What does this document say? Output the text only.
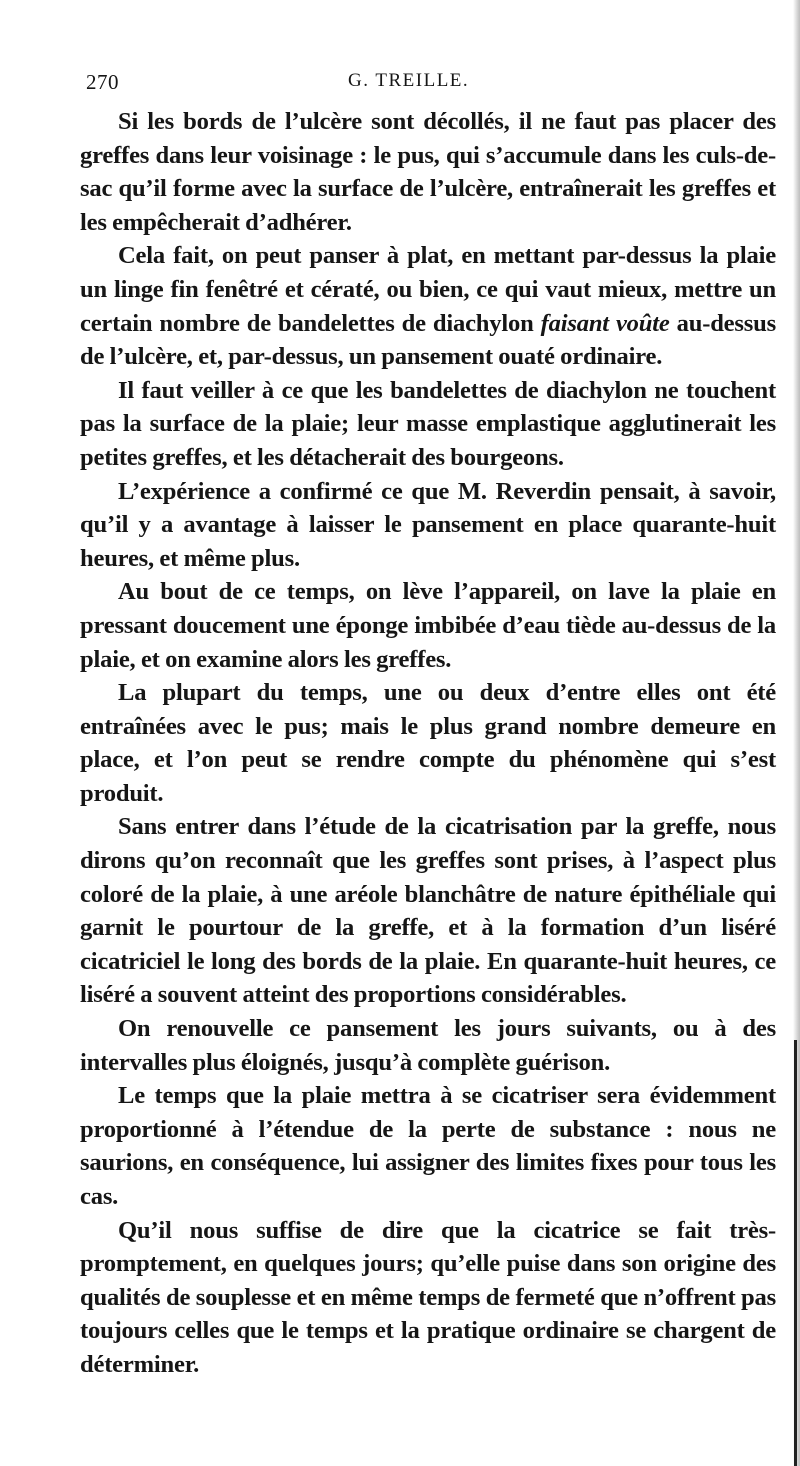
270	G. TREILLE.

Si les bords de l’ulcère sont décollés, il ne faut pas placer des greffes dans leur voisinage : le pus, qui s’accumule dans les culs-de-sac qu’il forme avec la surface de l’ulcère, entraînerait les greffes et les empêcherait d’adhérer.

Cela fait, on peut panser à plat, en mettant par-dessus la plaie un linge fin fenêtré et cératé, ou bien, ce qui vaut mieux, mettre un certain nombre de bandelettes de diachylon faisant voûte au-dessus de l’ulcère, et, par-dessus, un pansement ouaté ordinaire.

Il faut veiller à ce que les bandelettes de diachylon ne touchent pas la surface de la plaie; leur masse emplastique agglutinerait les petites greffes, et les détacherait des bourgeons.

L’expérience a confirmé ce que M. Reverdin pensait, à savoir, qu’il y a avantage à laisser le pansement en place quarante-huit heures, et même plus.

Au bout de ce temps, on lève l’appareil, on lave la plaie en pressant doucement une éponge imbibée d’eau tiède au-dessus de la plaie, et on examine alors les greffes.

La plupart du temps, une ou deux d’entre elles ont été entraînées avec le pus; mais le plus grand nombre demeure en place, et l’on peut se rendre compte du phénomène qui s’est produit.

Sans entrer dans l’étude de la cicatrisation par la greffe, nous dirons qu’on reconnaît que les greffes sont prises, à l’aspect plus coloré de la plaie, à une aréole blanchâtre de nature épithéliale qui garnit le pourtour de la greffe, et à la formation d’un liséré cicatriciel le long des bords de la plaie. En quarante-huit heures, ce liséré a souvent atteint des proportions considérables.

On renouvelle ce pansement les jours suivants, ou à des intervalles plus éloignés, jusqu’à complète guérison.

Le temps que la plaie mettra à se cicatriser sera évidemment proportionné à l’étendue de la perte de substance : nous ne saurions, en conséquence, lui assigner des limites fixes pour tous les cas.

Qu’il nous suffise de dire que la cicatrice se fait très-promptement, en quelques jours; qu’elle puise dans son origine des qualités de souplesse et en même temps de fermeté que n’offrent pas toujours celles que le temps et la pratique ordinaire se chargent de déterminer.
